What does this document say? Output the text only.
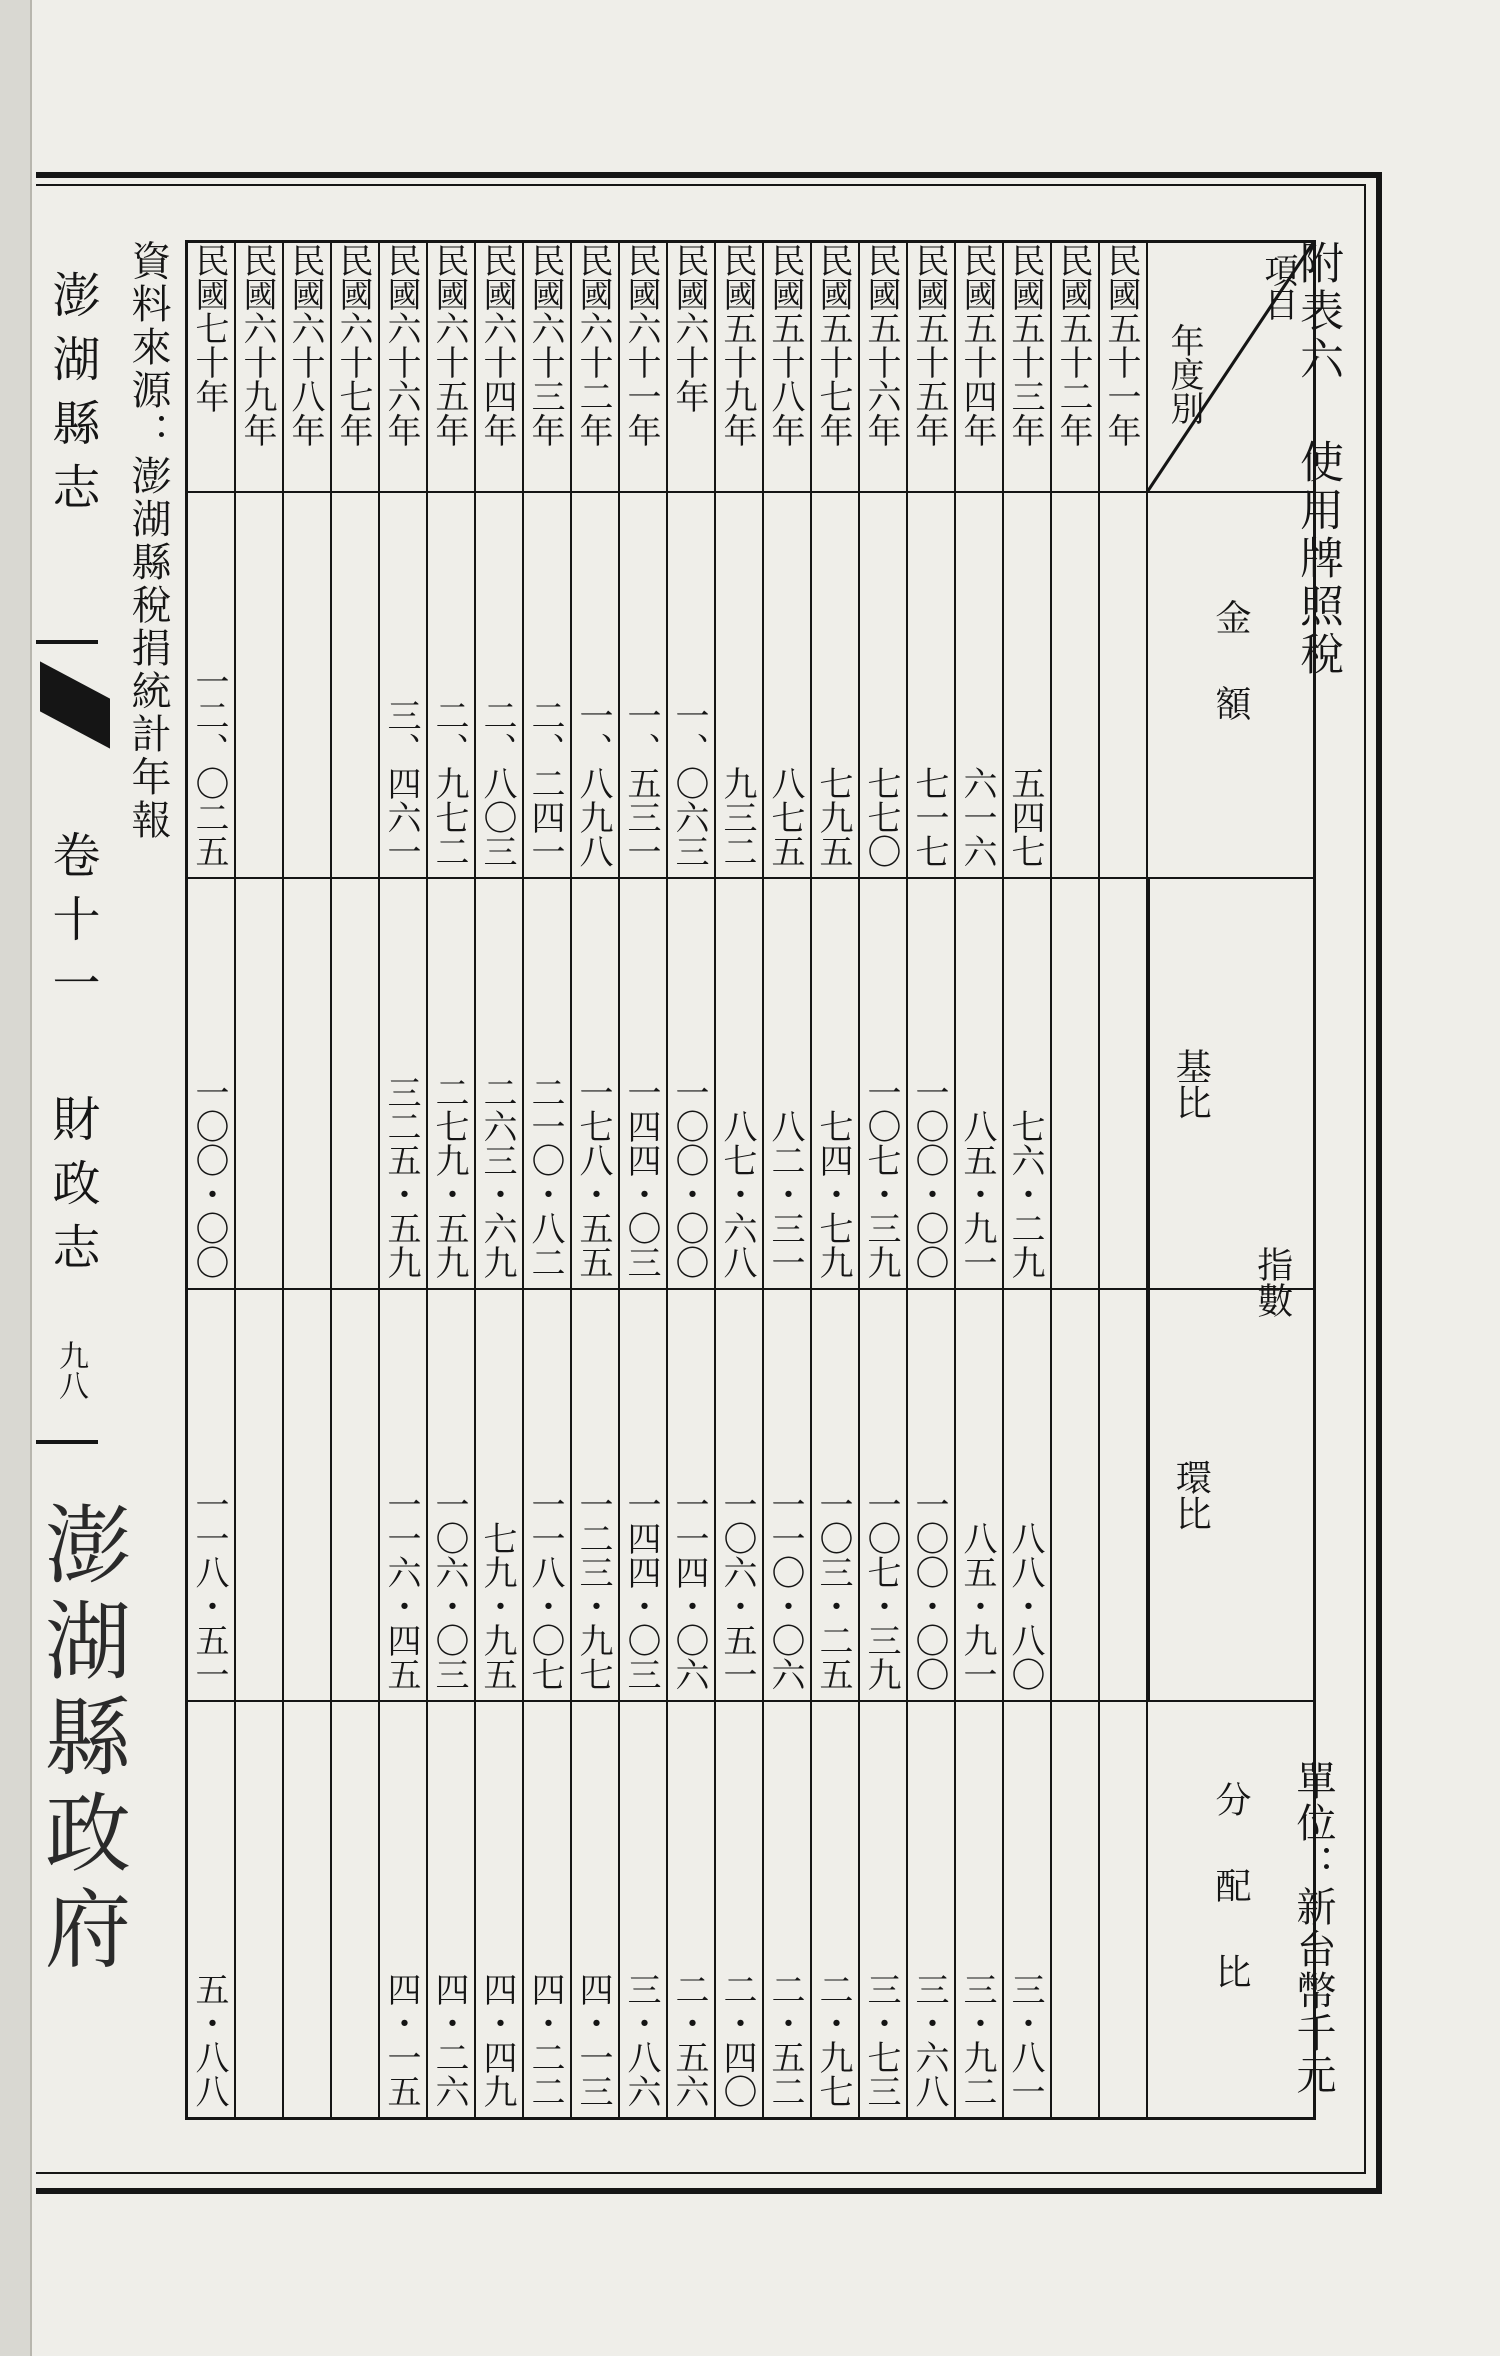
澎湖縣志
卷十一 財政志
九八
澎湖縣政府
附表六 使用牌照稅
單位：新台幣千元
資料來源：澎湖縣稅捐統計年報	項目
年度別	民國五十一年	民國五十二年	民國五十三年	民國五十四年	民國五十五年	民國五十六年	民國五十七年	民國五十八年	民國五十九年	民國六十年	民國六十一年	民國六十二年	民國六十三年	民國六十四年	民國六十五年	民國六十六年	民國六十七年	民國六十八年	民國六十九年	民國七十年

金額			五四七	六一六	七一七	七七〇	七九五	八七五	九三二	一、〇六三	一、五三一	一、八九八	二、二四一	二、八〇三	二、九七二	三、四六一				一二、〇二五

基比
指數			七六・二九	八五・九一	一〇〇・〇〇	一〇七・三九	七四・七九	八二・三一	八七・六八	一〇〇・〇〇	一四四・〇三	一七八・五五	二一〇・八二	二六三・六九	二七九・五九	三二五・五九				一〇〇・〇〇

環比			八八・八〇	八五・九一	一〇〇・〇〇	一〇七・三九	一〇三・二五	一一〇・〇六	一〇六・五一	一一四・〇六	一四四・〇三	一二三・九七	一一八・〇七	七九・九五	一〇六・〇三	一一六・四五				一一八・五一

分配比			三・八一	三・九二	三・六八	三・七三	二・九七	二・五二	二・四〇	二・五六	三・八六	四・一三	四・二二	四・四九	四・二六	四・一五				五・八八
